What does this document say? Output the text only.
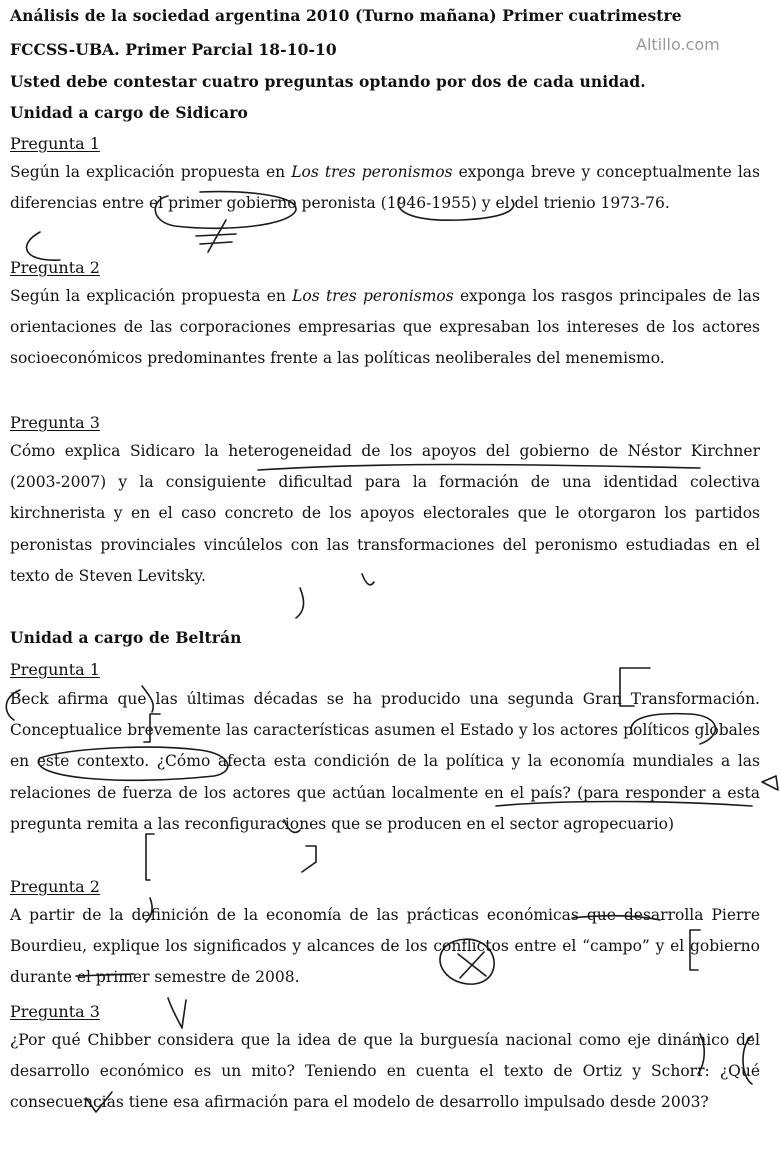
Análisis de la sociedad argentina 2010 (Turno mañana) Primer cuatrimestre
FCCSS-UBA. Primer Parcial 18-10-10	Altillo.com
Usted debe contestar cuatro preguntas optando por dos de cada unidad.
Unidad a cargo de Sidicaro
Pregunta 1

Según la explicación propuesta en Los tres peronismos exponga breve y conceptualmente las diferencias entre el primer gobierno peronista (1946-1955) y el del trienio 1973-76.

Pregunta 2

Según la explicación propuesta en Los tres peronismos exponga los rasgos principales de las orientaciones de las corporaciones empresarias que expresaban los intereses de los actores socioeconómicos predominantes frente a las políticas neoliberales del menemismo.

Pregunta 3

Cómo explica Sidicaro la heterogeneidad de los apoyos del gobierno de Néstor Kirchner (2003-2007) y la consiguiente dificultad para la formación de una identidad colectiva kirchnerista y en el caso concreto de los apoyos electorales que le otorgaron los partidos peronistas provinciales vincúlelos con las transformaciones del peronismo estudiadas en el texto de Steven Levitsky.

Unidad a cargo de Beltrán
Pregunta 1

Beck afirma que las últimas décadas se ha producido una segunda Gran Transformación. Conceptualice brevemente las características asumen el Estado y los actores políticos globales en este contexto. ¿Cómo afecta esta condición de la política y la economía mundiales a las relaciones de fuerza de los actores que actúan localmente en el país? (para responder a esta pregunta remita a las reconfiguraciones que se producen en el sector agropecuario)

Pregunta 2

A partir de la definición de la economía de las prácticas económicas que desarrolla Pierre Bourdieu, explique los significados y alcances de los conflictos entre el “campo” y el gobierno durante el primer semestre de 2008.

Pregunta 3

¿Por qué Chibber considera que la idea de que la burguesía nacional como eje dinámico del desarrollo económico es un mito? Teniendo en cuenta el texto de Ortiz y Schorr: ¿Qué consecuencias tiene esa afirmación para el modelo de desarrollo impulsado desde 2003?
